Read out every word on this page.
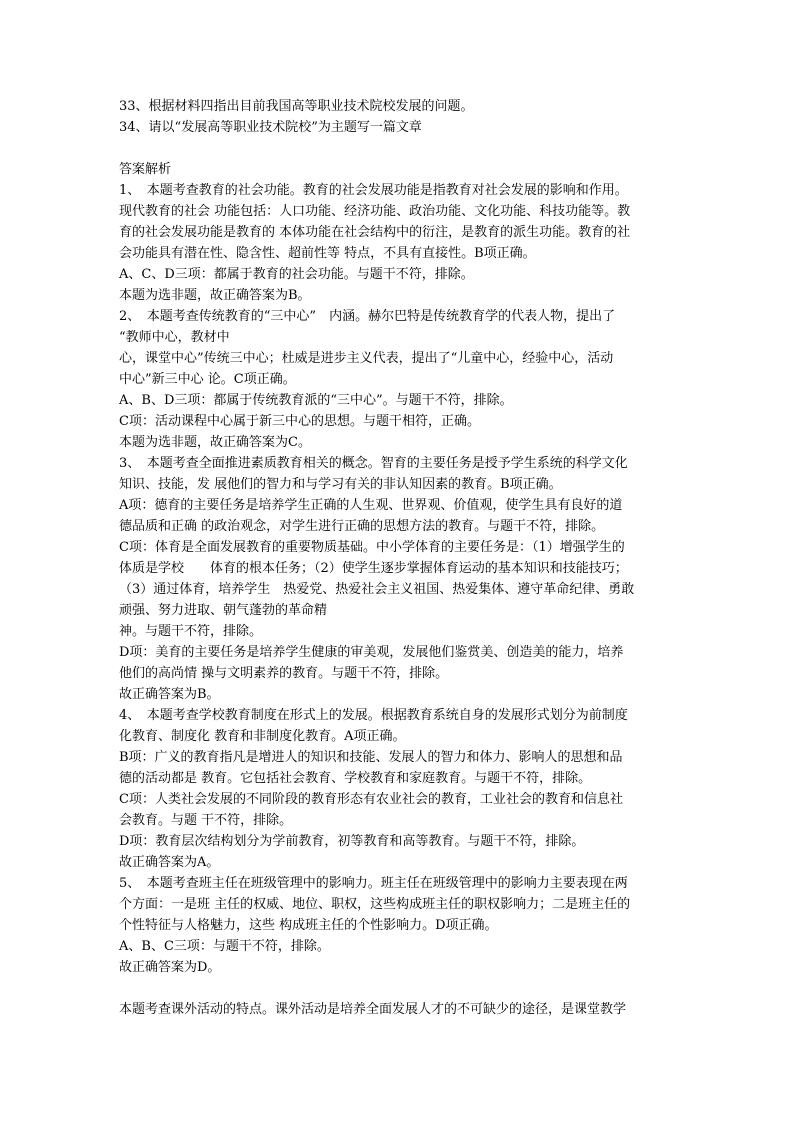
33、根据材料四指出目前我国高等职业技术院校发展的问题。
34、请以“发展高等职业技术院校”为主题写一篇文章
答案解析
1、　本题考查教育的社会功能。教育的社会发展功能是指教育对社会发展的影响和作用。
现代教育的社会 功能包括：人口功能、经济功能、政治功能、文化功能、科技功能等。教
育的社会发展功能是教育的 本体功能在社会结构中的衍注，是教育的派生功能。教育的社
会功能具有潜在性、隐含性、超前性等 特点，不具有直接性。B项正确。
A、C、D三项：都属于教育的社会功能。与题干不符，排除。
本题为选非题，故正确答案为B。
2、　本题考查传统教育的“三中心”　内涵。赫尔巴特是传统教育学的代表人物，提出了
“教师中心，教材中
心，课堂中心”传统三中心；杜威是进步主义代表，提出了“儿童中心，经验中心，活动
中心”新三中心 论。C项正确。
A、B、D三项：都属于传统教育派的“三中心”。与题干不符，排除。
C项：活动课程中心属于新三中心的思想。与题干相符，正确。
本题为选非题，故正确答案为C。
3、　本题考查全面推进素质教育相关的概念。智育的主要任务是授予学生系统的科学文化
知识、技能，发 展他们的智力和与学习有关的非认知因素的教育。B项正确。
A项：德育的主要任务是培养学生正确的人生观、世界观、价值观，使学生具有良好的道
德品质和正确 的政治观念，对学生进行正确的思想方法的教育。与题干不符，排除。
C项：体育是全面发展教育的重要物质基础。中小学体育的主要任务是：（1）增强学生的
体质是学校　　体育的根本任务；（2）使学生逐步掌握体育运动的基本知识和技能技巧；
（3）通过体育，培养学生　热爱党、热爱社会主义祖国、热爱集体、遵守革命纪律、勇敢
顽强、努力进取、朝气蓬勃的革命精
神。与题干不符，排除。
D项：美育的主要任务是培养学生健康的审美观，发展他们鉴赏美、创造美的能力，培养
他们的高尚情 操与文明素养的教育。与题干不符，排除。
故正确答案为B。
4、　本题考查学校教育制度在形式上的发展。根据教育系统自身的发展形式划分为前制度
化教育、制度化 教育和非制度化教育。A项正确。
B项：广义的教育指凡是增进人的知识和技能、发展人的智力和体力、影响人的思想和品
德的活动都是 教育。它包括社会教育、学校教育和家庭教育。与题干不符，排除。
C项：人类社会发展的不同阶段的教育形态有农业社会的教育，工业社会的教育和信息社
会教育。与题 干不符，排除。
D项：教育层次结构划分为学前教育，初等教育和高等教育。与题干不符，排除。
故正确答案为A。
5、　本题考查班主任在班级管理中的影响力。班主任在班级管理中的影响力主要表现在两
个方面：一是班 主任的权威、地位、职权，这些构成班主任的职权影响力；二是班主任的
个性特征与人格魅力，这些 构成班主任的个性影响力。D项正确。
A、B、C三项：与题干不符，排除。
故正确答案为D。
本题考查课外活动的特点。课外活动是培养全面发展人才的不可缺少的途径，是课堂教学
